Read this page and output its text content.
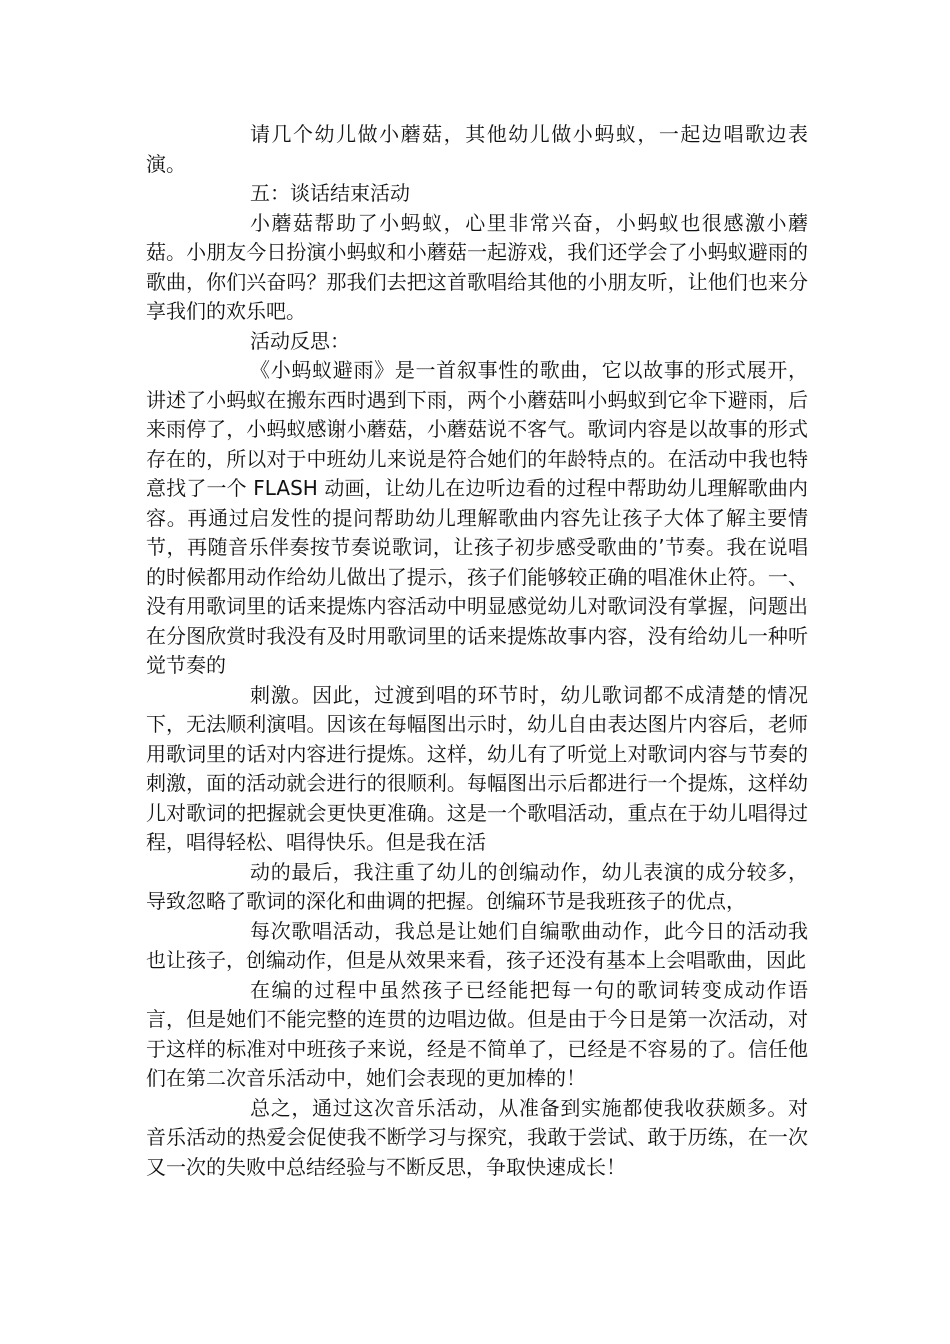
请几个幼儿做小蘑菇，其他幼儿做小蚂蚁，一起边唱歌边表演。

五：谈话结束活动

小蘑菇帮助了小蚂蚁，心里非常兴奋，小蚂蚁也很感激小蘑菇。小朋友今日扮演小蚂蚁和小蘑菇一起游戏，我们还学会了小蚂蚁避雨的歌曲，你们兴奋吗？那我们去把这首歌唱给其他的小朋友听，让他们也来分享我们的欢乐吧。

活动反思：

《小蚂蚁避雨》是一首叙事性的歌曲，它以故事的形式展开，讲述了小蚂蚁在搬东西时遇到下雨，两个小蘑菇叫小蚂蚁到它伞下避雨，后来雨停了，小蚂蚁感谢小蘑菇，小蘑菇说不客气。歌词内容是以故事的形式存在的，所以对于中班幼儿来说是符合她们的年龄特点的。在活动中我也特意找了一个 FLASH 动画，让幼儿在边听边看的过程中帮助幼儿理解歌曲内容。再通过启发性的提问帮助幼儿理解歌曲内容先让孩子大体了解主要情节，再随音乐伴奏按节奏说歌词，让孩子初步感受歌曲的’节奏。我在说唱的时候都用动作给幼儿做出了提示，孩子们能够较正确的唱准休止符。一、没有用歌词里的话来提炼内容活动中明显感觉幼儿对歌词没有掌握，问题出在分图欣赏时我没有及时用歌词里的话来提炼故事内容，没有给幼儿一种听觉节奏的

刺激。因此，过渡到唱的环节时，幼儿歌词都不成清楚的情况下，无法顺利演唱。因该在每幅图出示时，幼儿自由表达图片内容后，老师用歌词里的话对内容进行提炼。这样，幼儿有了听觉上对歌词内容与节奏的刺激，面的活动就会进行的很顺利。每幅图出示后都进行一个提炼，这样幼儿对歌词的把握就会更快更准确。这是一个歌唱活动，重点在于幼儿唱得过程，唱得轻松、唱得快乐。但是我在活

动的最后，我注重了幼儿的创编动作，幼儿表演的成分较多，导致忽略了歌词的深化和曲调的把握。创编环节是我班孩子的优点，

每次歌唱活动，我总是让她们自编歌曲动作，此今日的活动我也让孩子，创编动作，但是从效果来看，孩子还没有基本上会唱歌曲，因此

在编的过程中虽然孩子已经能把每一句的歌词转变成动作语言，但是她们不能完整的连贯的边唱边做。但是由于今日是第一次活动，对于这样的标准对中班孩子来说，经是不简单了，已经是不容易的了。信任他们在第二次音乐活动中，她们会表现的更加棒的！

总之，通过这次音乐活动，从准备到实施都使我收获颇多。对音乐活动的热爱会促使我不断学习与探究，我敢于尝试、敢于历练，在一次又一次的失败中总结经验与不断反思，争取快速成长！
